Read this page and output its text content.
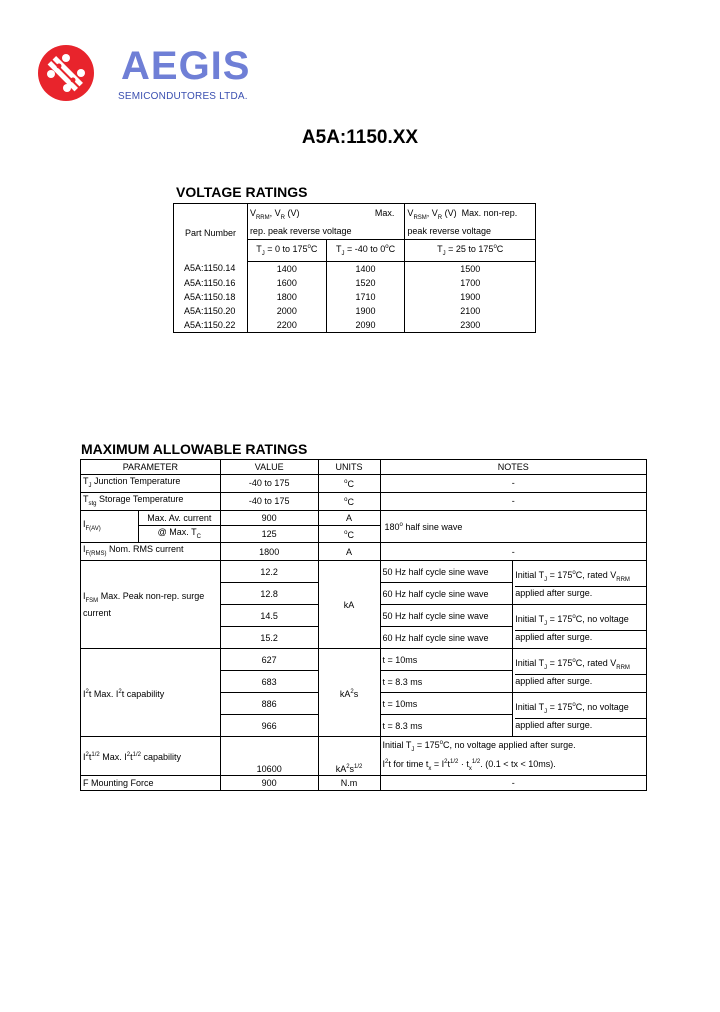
AEGIS
SEMICONDUTORES LTDA.
A5A:1150.XX
VOLTAGE RATINGS
Part Number	$V_{RRM}$, $V_R$ (V) Max.
rep. peak reverse voltage		$V_{RSM}$, $V_R$ (V) Max. non-rep.
peak reverse voltage

	$T_J = 0$ to 175$^o$C	$T_J = -40$ to 0$^o$C	$T_J = 25$ to 175$^o$C
A5A:1150.14	1400	1400	1500
A5A:1150.16	1600	1520	1700
A5A:1150.18	1800	1710	1900
A5A:1150.20	2000	1900	2100
A5A:1150.22	2200	2090	2300
MAXIMUM ALLOWABLE RATINGS
PARAMETER		VALUE	UNITS	NOTES	
$T_J$ Junction Temperature		-40 to 175	$^o$C	-	
$T_{stg}$ Storage Temperature		-40 to 175	$^o$C	-	
$I_{F(AV)}$	Max. Av. current	900	A	180$^o$ half sine wave	
	@ Max. $T_C$	125	$^o$C		
$I_{F(RMS)}$ Nom. RMS current		1800	A	-	
$I_{FSM}$ Max. Peak non-rep. surge current		12.2	kA	50 Hz half cycle sine wave	Initial $T_J = 175^oC$, rated $V_{RRM}$
applied after surge.
		12.8		60 Hz half cycle sine wave	
		14.5		50 Hz half cycle sine wave	Initial $T_J = 175^oC$, no voltage
applied after surge.
		15.2		60 Hz half cycle sine wave	
$I^2t$ Max. $I^2t$ capability		627	$kA^2s$	t = 10ms	Initial $T_J = 175^oC$, rated $V_{RRM}$
applied after surge.
		683		t = 8.3 ms	
		886		t = 10ms	Initial $T_J = 175^oC$, no voltage
applied after surge.
		966		t = 8.3 ms	
$I^2t^{1/2}$ Max. $I^2t^{1/2}$ capability		10600	$kA^2s^{1/2}$	Initial $T_J = 175^oC$, no voltage applied after surge.
$I^2t$ for time $t_x = I^2t^{1/2} \cdot t_x^{1/2}$. (0.1 < tx < 10ms).	

F Mounting Force		900	N.m	-	
